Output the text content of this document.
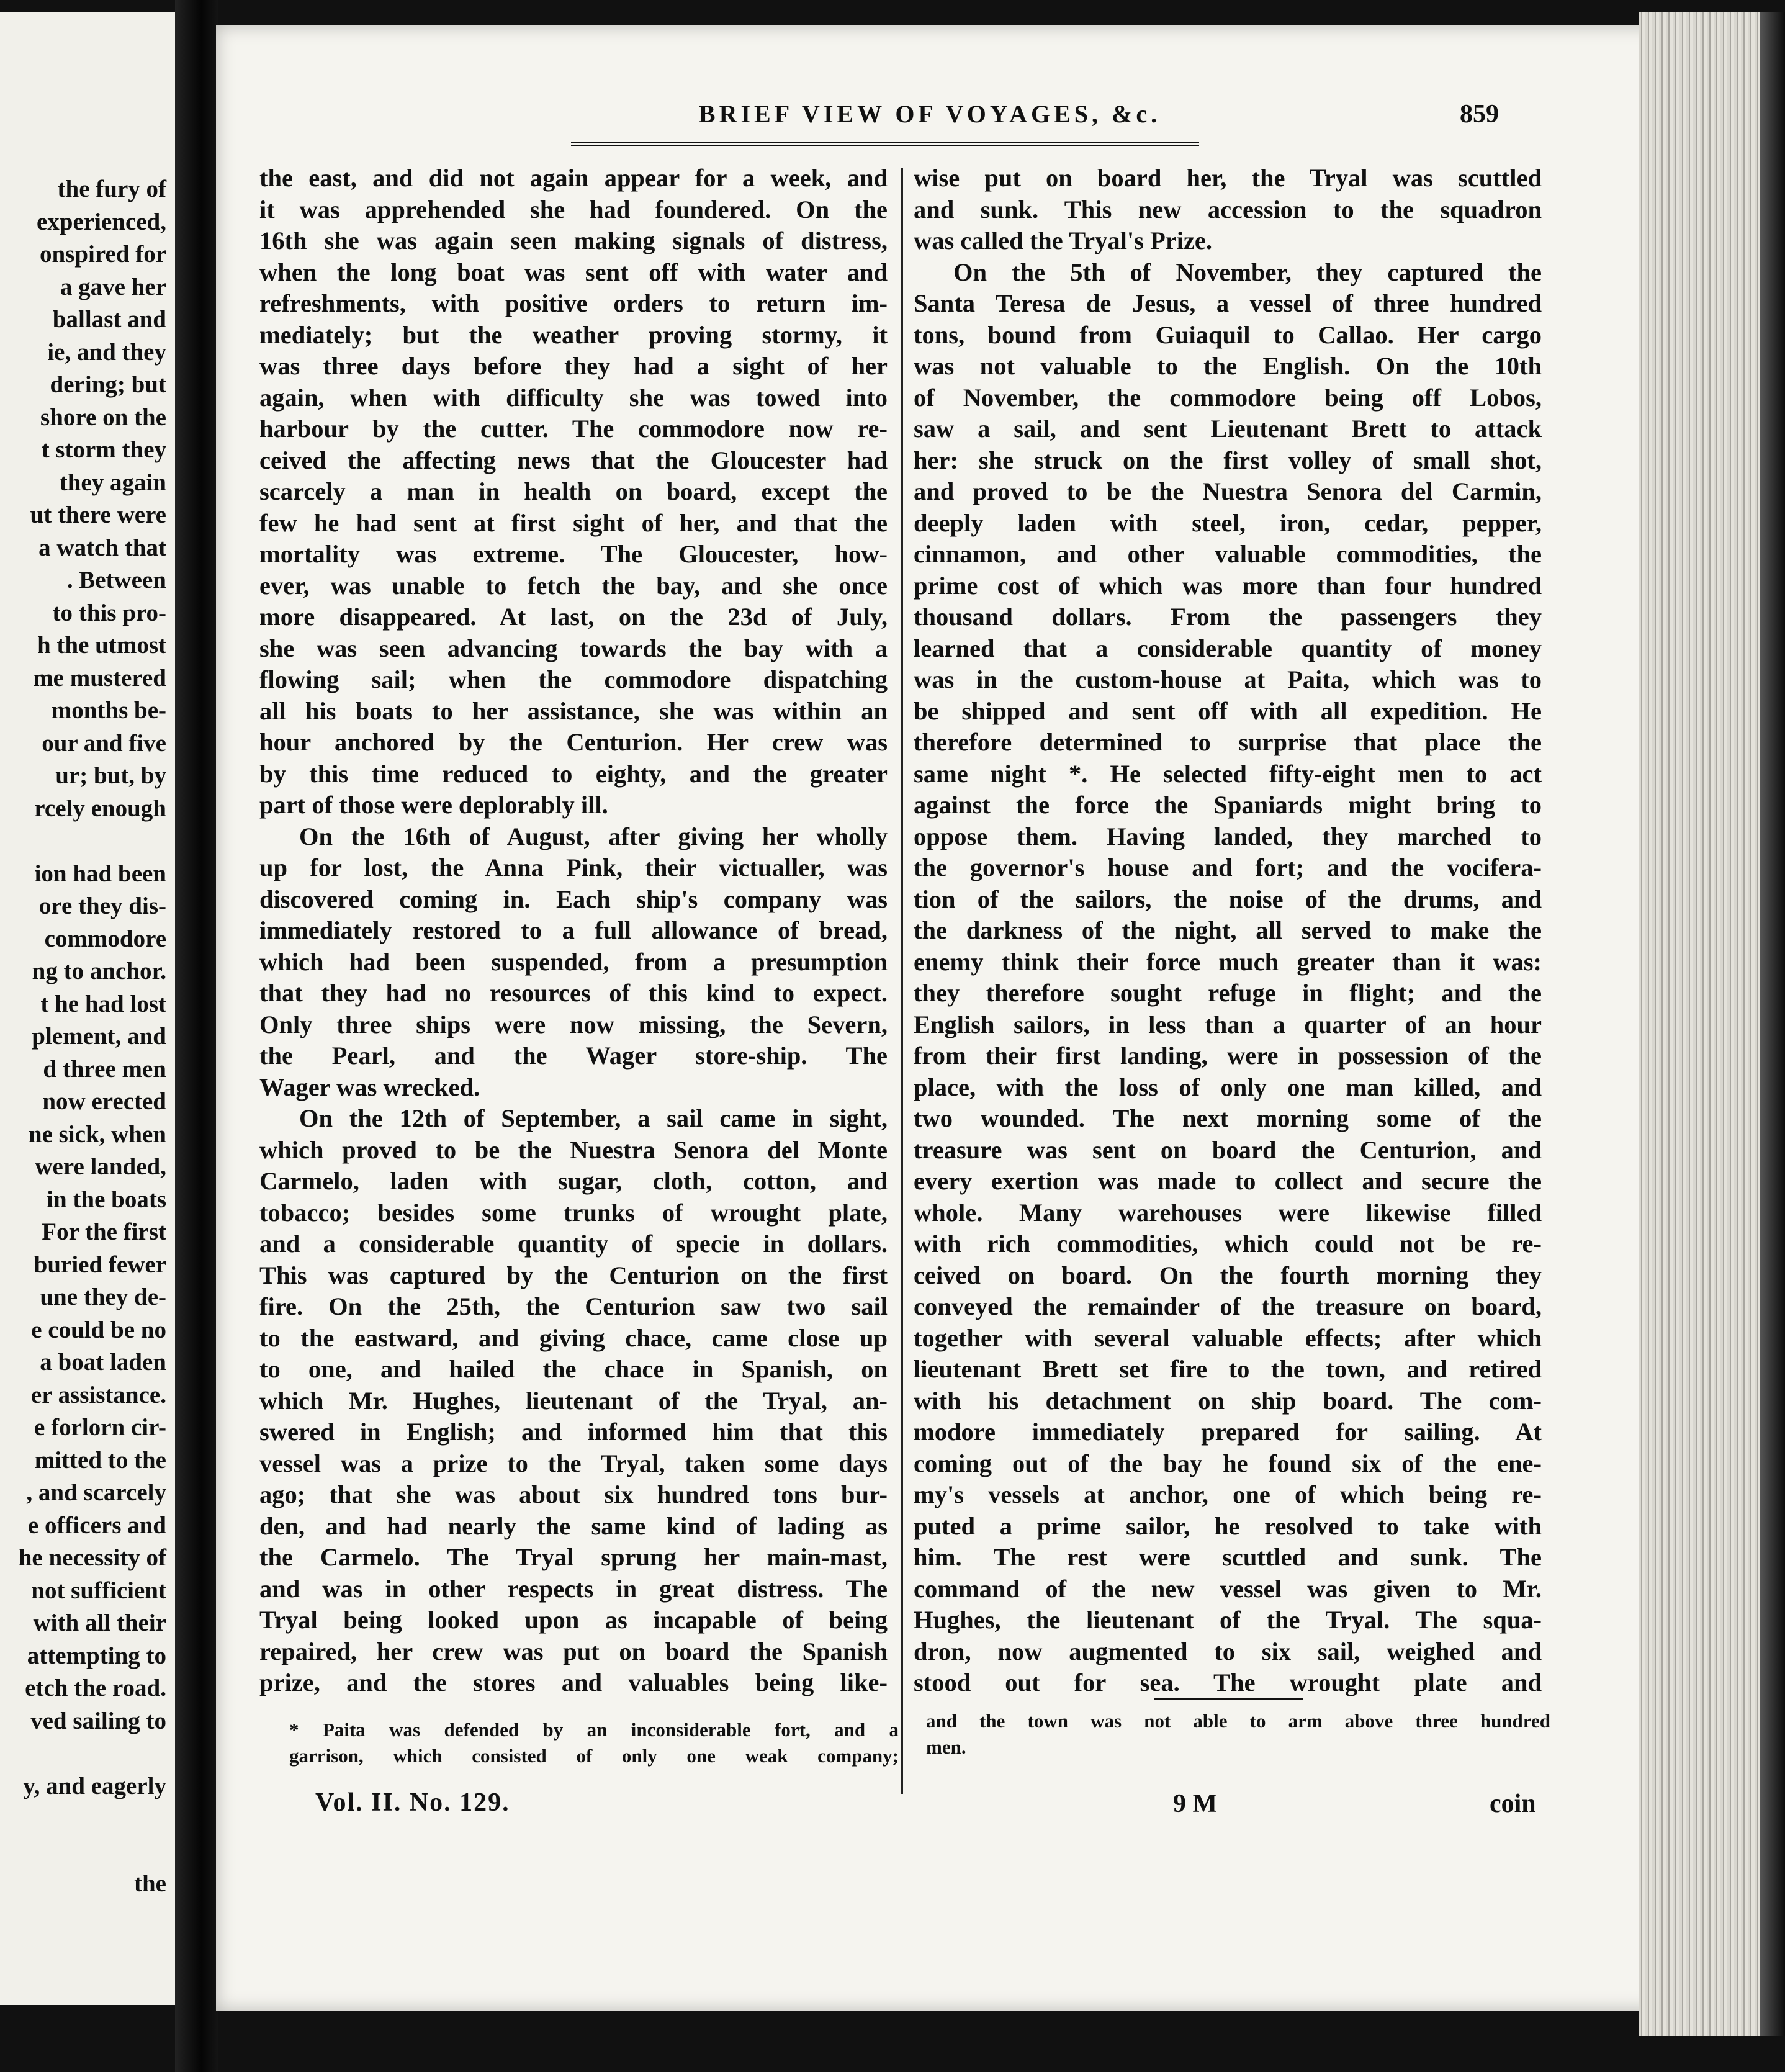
the fury of
experienced,
onspired for
a gave her
ballast and
ie, and they
dering; but
shore on the
t storm they
they again
ut there were
a watch that
. Between
to this pro-
h the utmost
me mustered
months be-
our and five
ur; but, by
rcely enough
ion had been
ore they dis-
commodore
ng to anchor.
t he had lost
plement, and
d three men
now erected
ne sick, when
were landed,
in the boats
For the first
buried fewer
une they de-
e could be no
a boat laden
er assistance.
e forlorn cir-
mitted to the
, and scarcely
e officers and
he necessity of
not sufficient
with all their
attempting to
etch the road.
ved sailing to
y, and eagerly
the
BRIEF VIEW OF VOYAGES, &c.	859
the east, and did not again appear for a week, and
it was apprehended she had foundered. On the
16th she was again seen making signals of distress,
when the long boat was sent off with water and
refreshments, with positive orders to return im-
mediately; but the weather proving stormy, it
was three days before they had a sight of her
again, when with difficulty she was towed into
harbour by the cutter. The commodore now re-
ceived the affecting news that the Gloucester had
scarcely a man in health on board, except the
few he had sent at first sight of her, and that the
mortality was extreme. The Gloucester, how-
ever, was unable to fetch the bay, and she once
more disappeared. At last, on the 23d of July,
she was seen advancing towards the bay with a
flowing sail; when the commodore dispatching
all his boats to her assistance, she was within an
hour anchored by the Centurion. Her crew was
by this time reduced to eighty, and the greater
part of those were deplorably ill.
On the 16th of August, after giving her wholly
up for lost, the Anna Pink, their victualler, was
discovered coming in. Each ship's company was
immediately restored to a full allowance of bread,
which had been suspended, from a presumption
that they had no resources of this kind to expect.
Only three ships were now missing, the Severn,
the Pearl, and the Wager store-ship. The
Wager was wrecked.
On the 12th of September, a sail came in sight,
which proved to be the Nuestra Senora del Monte
Carmelo, laden with sugar, cloth, cotton, and
tobacco; besides some trunks of wrought plate,
and a considerable quantity of specie in dollars.
This was captured by the Centurion on the first
fire. On the 25th, the Centurion saw two sail
to the eastward, and giving chace, came close up
to one, and hailed the chace in Spanish, on
which Mr. Hughes, lieutenant of the Tryal, an-
swered in English; and informed him that this
vessel was a prize to the Tryal, taken some days
ago; that she was about six hundred tons bur-
den, and had nearly the same kind of lading as
the Carmelo. The Tryal sprung her main-mast,
and was in other respects in great distress. The
Tryal being looked upon as incapable of being
repaired, her crew was put on board the Spanish
prize, and the stores and valuables being like-
wise put on board her, the Tryal was scuttled
and sunk. This new accession to the squadron
was called the Tryal's Prize.
On the 5th of November, they captured the
Santa Teresa de Jesus, a vessel of three hundred
tons, bound from Guiaquil to Callao. Her cargo
was not valuable to the English. On the 10th
of November, the commodore being off Lobos,
saw a sail, and sent Lieutenant Brett to attack
her: she struck on the first volley of small shot,
and proved to be the Nuestra Senora del Carmin,
deeply laden with steel, iron, cedar, pepper,
cinnamon, and other valuable commodities, the
prime cost of which was more than four hundred
thousand dollars. From the passengers they
learned that a considerable quantity of money
was in the custom-house at Paita, which was to
be shipped and sent off with all expedition. He
therefore determined to surprise that place the
same night *. He selected fifty-eight men to act
against the force the Spaniards might bring to
oppose them. Having landed, they marched to
the governor's house and fort; and the vocifera-
tion of the sailors, the noise of the drums, and
the darkness of the night, all served to make the
enemy think their force much greater than it was:
they therefore sought refuge in flight; and the
English sailors, in less than a quarter of an hour
from their first landing, were in possession of the
place, with the loss of only one man killed, and
two wounded. The next morning some of the
treasure was sent on board the Centurion, and
every exertion was made to collect and secure the
whole. Many warehouses were likewise filled
with rich commodities, which could not be re-
ceived on board. On the fourth morning they
conveyed the remainder of the treasure on board,
together with several valuable effects; after which
lieutenant Brett set fire to the town, and retired
with his detachment on ship board. The com-
modore immediately prepared for sailing. At
coming out of the bay he found six of the ene-
my's vessels at anchor, one of which being re-
puted a prime sailor, he resolved to take with
him. The rest were scuttled and sunk. The
command of the new vessel was given to Mr.
Hughes, the lieutenant of the Tryal. The squa-
dron, now augmented to six sail, weighed and
stood out for sea. The wrought plate and
* Paita was defended by an inconsiderable fort, and a
garrison, which consisted of only one weak company;
and the town was not able to arm above three hundred
men.
Vol. II. No. 129.	9 M	coin
